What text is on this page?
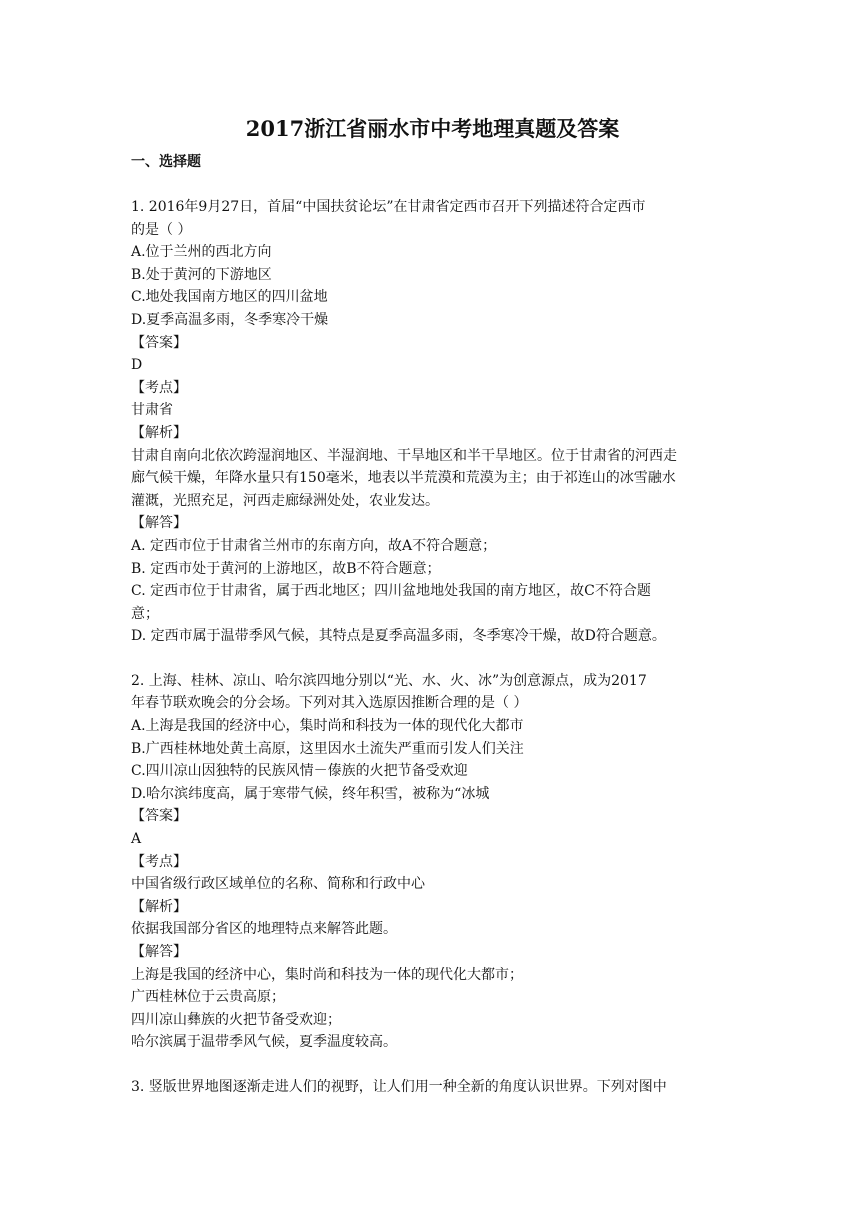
2017浙江省丽水市中考地理真题及答案
一、选择题
1. 2016年9月27日，首届“中国扶贫论坛”在甘肃省定西市召开下列描述符合定西市
的是（ ）
A.位于兰州的西北方向
B.处于黄河的下游地区
C.地处我国南方地区的四川盆地
D.夏季高温多雨，冬季寒冷干燥
【答案】
D
【考点】
甘肃省
【解析】
甘肃自南向北依次跨湿润地区、半湿润地、干旱地区和半干旱地区。位于甘肃省的河西走
廊气候干燥，年降水量只有150毫米，地表以半荒漠和荒漠为主；由于祁连山的冰雪融水
灌溉，光照充足，河西走廊绿洲处处，农业发达。
【解答】
A. 定西市位于甘肃省兰州市的东南方向，故A不符合题意；
B. 定西市处于黄河的上游地区，故B不符合题意；
C. 定西市位于甘肃省，属于西北地区；四川盆地地处我国的南方地区，故C不符合题
意；
D. 定西市属于温带季风气候，其特点是夏季高温多雨，冬季寒冷干燥，故D符合题意。
2. 上海、桂林、凉山、哈尔滨四地分别以“光、水、火、冰”为创意源点，成为2017
年春节联欢晚会的分会场。下列对其入选原因推断合理的是（ ）
A.上海是我国的经济中心，集时尚和科技为一体的现代化大都市
B.广西桂林地处黄土高原，这里因水土流失严重而引发人们关注
C.四川凉山因独特的民族风情－傣族的火把节备受欢迎
D.哈尔滨纬度高，属于寒带气候，终年积雪，被称为“冰城
【答案】
A
【考点】
中国省级行政区域单位的名称、简称和行政中心
【解析】
依据我国部分省区的地理特点来解答此题。
【解答】
上海是我国的经济中心，集时尚和科技为一体的现代化大都市；
广西桂林位于云贵高原；
四川凉山彝族的火把节备受欢迎；
哈尔滨属于温带季风气候，夏季温度较高。
3. 竖版世界地图逐渐走进人们的视野，让人们用一种全新的角度认识世界。下列对图中
